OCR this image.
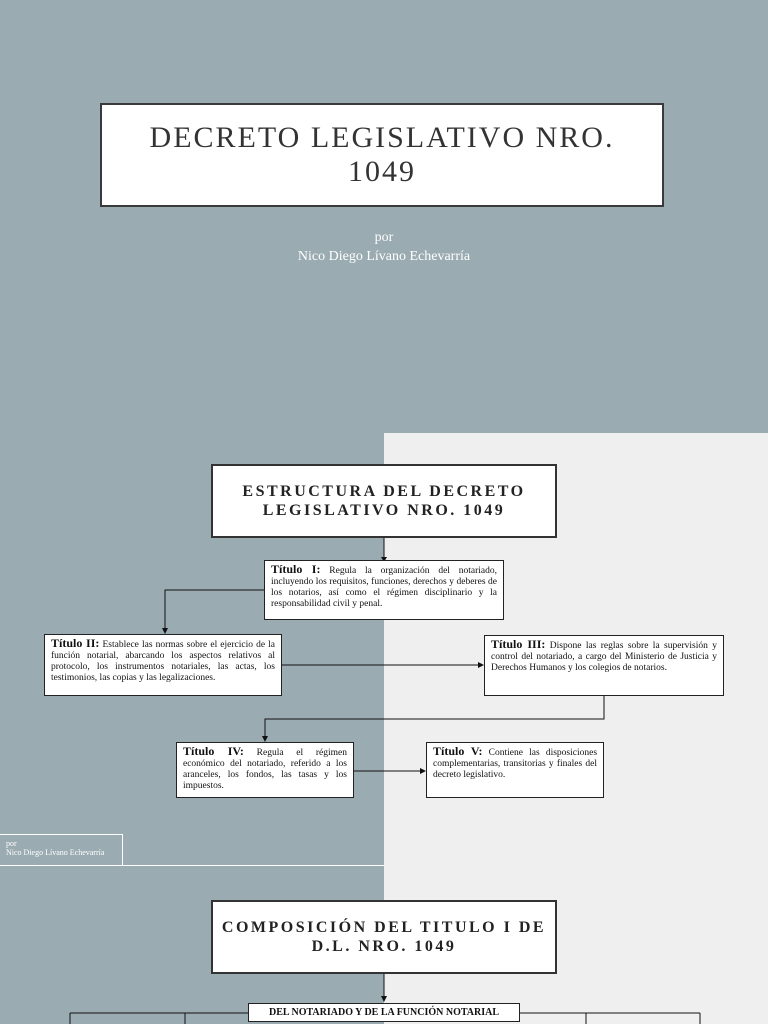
DECRETO LEGISLATIVO NRO. 1049
por
Nico Diego Lívano Echevarría
ESTRUCTURA DEL DECRETO LEGISLATIVO NRO. 1049
Título I: Regula la organización del notariado, incluyendo los requisitos, funciones, derechos y deberes de los notarios, así como el régimen disciplinario y la responsabilidad civil y penal.
Título II: Establece las normas sobre el ejercicio de la función notarial, abarcando los aspectos relativos al protocolo, los instrumentos notariales, las actas, los testimonios, las copias y las legalizaciones.
Título III: Dispone las reglas sobre la supervisión y control del notariado, a cargo del Ministerio de Justicia y Derechos Humanos y los colegios de notarios.
Título IV: Regula el régimen económico del notariado, referido a los aranceles, los fondos, las tasas y los impuestos.
Título V: Contiene las disposiciones complementarias, transitorias y finales del decreto legislativo.
por
Nico Diego Lívano Echevarría
COMPOSICIÓN DEL TITULO I DE D.L. NRO. 1049
DEL NOTARIADO Y DE LA FUNCIÓN NOTARIAL
